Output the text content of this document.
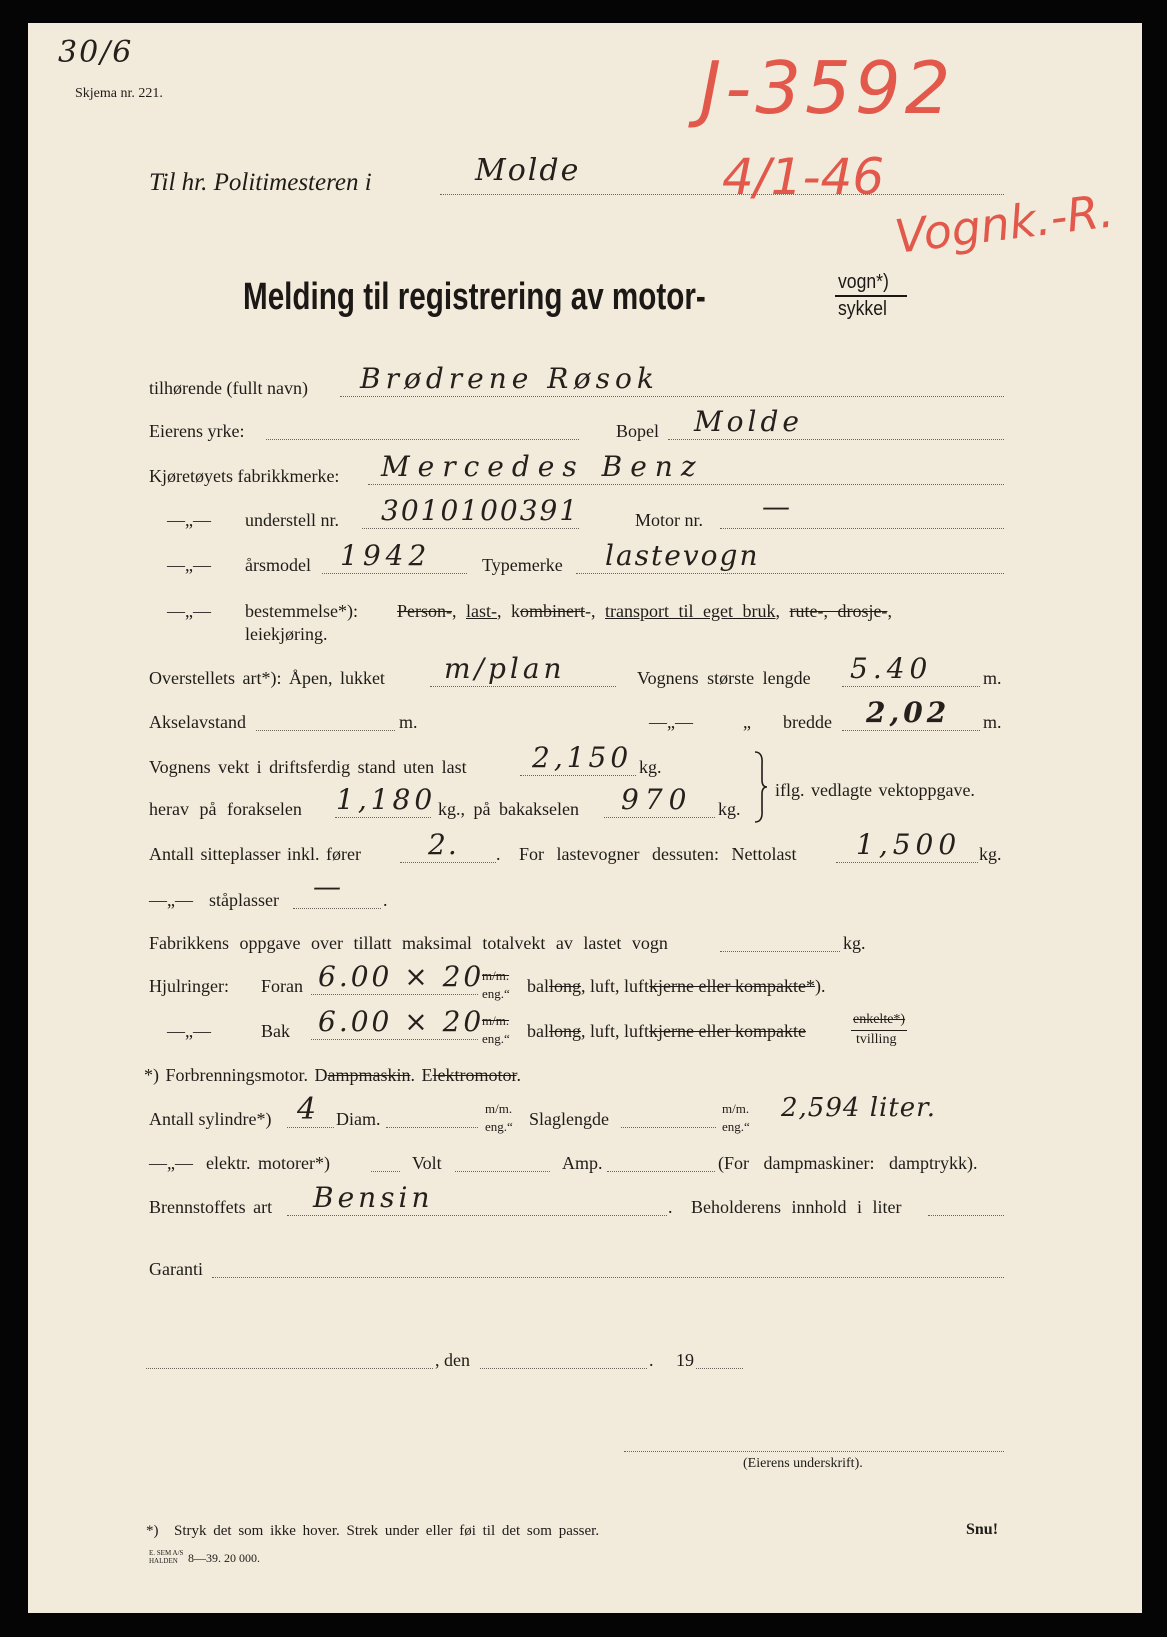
30/6
Skjema nr. 221.	J-3592
4/1-46
Vognk.-R.
Til hr. Politimesteren i	Molde
Melding til registrering av motor-	vogn*)
sykkel
tilhørende (fullt navn) Brødrene Røsok
Eierens yrke:	Bopel Molde
Kjøretøyets fabrikkmerke: Mercedes Benz
—„— understell nr. 3010100391	Motor nr. —
—„— årsmodel 1942	Typemerke lastevogn
—„— bestemmelse*): Person-, last-, kombinert-, transport til eget bruk, rute-, drosje-,
leiekjøring.
Overstellets art*): Åpen, lukket m/plan	Vognens største lengde 5.40	m.
Akselavstand	m.	—„—	„ bredde 2,02 m.
Vognens vekt i driftsferdig stand uten last 2,150 kg.
herav på forakselen 1,180 kg., på bakakselen 970 kg.
iflg. vedlagte vektoppgave.
Antall sitteplasser inkl. fører 2. . For lastevogner dessuten: Nettolast 1,500 kg.
—„— ståplasser — .
Fabrikkens oppgave over tillatt maksimal totalvekt av lastet vogn	kg.
Hjulringer: Foran 6.00 × 20
m/m.
eng.“ ballong, luft, luftkjerne eller kompakte*).
—„—	Bak 6.00 × 20
m/m.
eng.“ ballong, luft, luftkjerne eller kompakte
enkelte*)
tvilling
*) Forbrenningsmotor. Dampmaskin. Elektromotor.
Antall sylindre*) 4 Diam.
m/m.
eng.“ Slaglengde
m/m.
eng.“
2,594 liter.
—„— elektr. motorer*)	Volt	Amp.	(For dampmaskiner: damptrykk).
Brennstoffets art Bensin	. Beholderens innhold i liter
Garanti
, den	. 19
(Eierens underskrift).
*) Stryk det som ikke hover. Strek under eller føi til det som passer.	Snu!
E. SEM A/S
HALDEN 8—39. 20 000.
